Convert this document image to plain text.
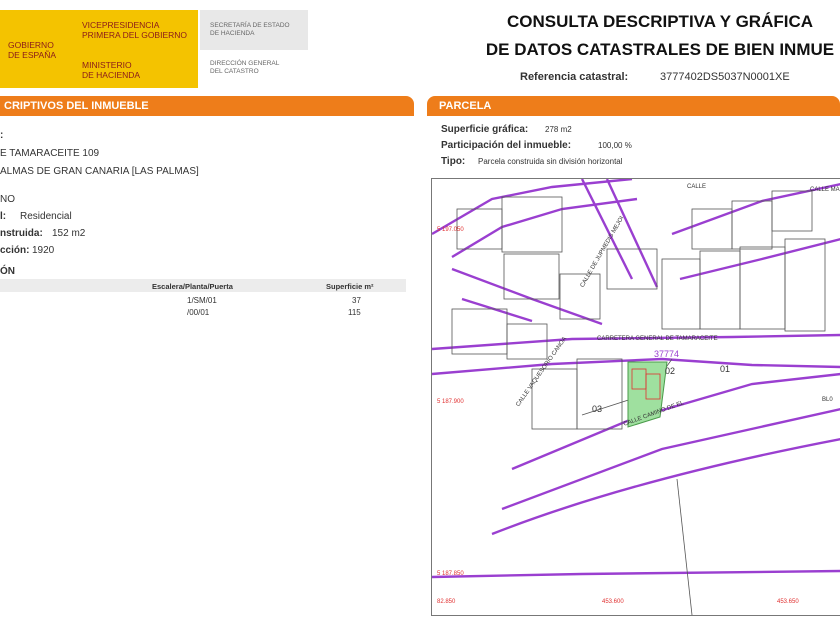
GOBIERNO
DE ESPAÑA
VICEPRESIDENCIA
PRIMERA DEL GOBIERNO
MINISTERIO
DE HACIENDA
SECRETARÍA DE ESTADO
DE HACIENDA
DIRECCIÓN GENERAL
DEL CATASTRO
CONSULTA DESCRIPTIVA Y GRÁFICA
DE DATOS CATASTRALES DE BIEN INMUE
Referencia catastral:	3777402DS5037N0001XE
CRIPTIVOS DEL INMUEBLE	PARCELA
:
E TAMARACEITE 109
ALMAS DE GRAN CANARIA [LAS PALMAS]
NO
l: Residencial
nstruida: 152 m2
cción: 1920
ÓN
Escalera/Planta/Puerta	Superficie m²
1/SM/01	37
/00/01	115
Superficie gráfica: 278 m2
Participación del inmueble:	100,00 %
Tipo: Parcela construida sin división horizontal
CARRETERA GENERAL DE TAMARACEITE
CALLE CAMINO DE EL
CALLE	CALLE MA
CALLE DE JUPMEDIS MEJOI
CALLE VAQUESORIO CANOA	37774
01
02
03
5 197.050
5 187.900
5 187.850
82.850	453.600	453.650
BL0
